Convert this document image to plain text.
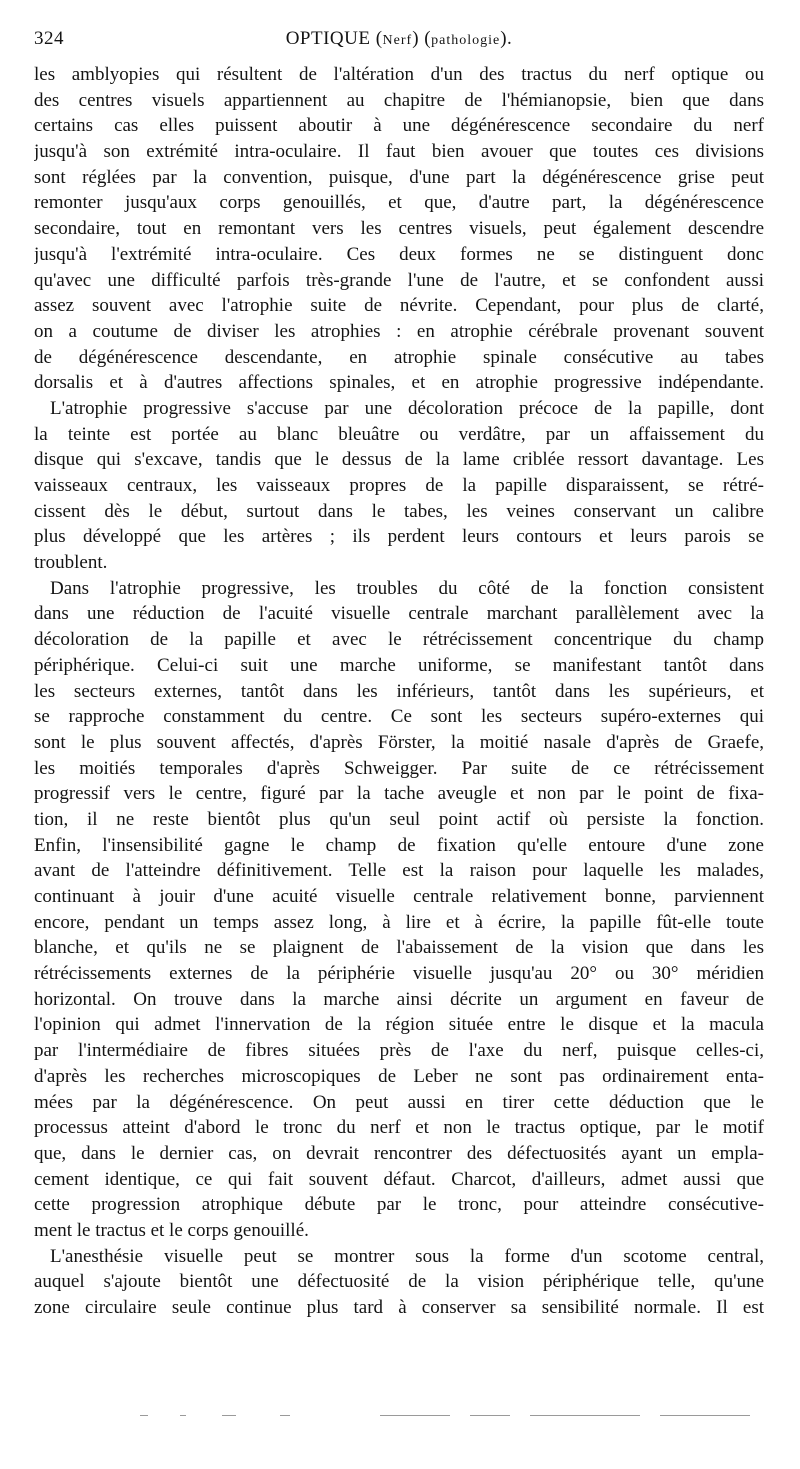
324	OPTIQUE (Nerf) (pathologie).
les amblyopies qui résultent de l'altération d'un des tractus du nerf optique ou
des centres visuels appartiennent au chapitre de l'hémianopsie, bien que dans
certains cas elles puissent aboutir à une dégénérescence secondaire du nerf
jusqu'à son extrémité intra-oculaire. Il faut bien avouer que toutes ces divisions
sont réglées par la convention, puisque, d'une part la dégénérescence grise peut
remonter jusqu'aux corps genouillés, et que, d'autre part, la dégénérescence
secondaire, tout en remontant vers les centres visuels, peut également descendre
jusqu'à l'extrémité intra-oculaire. Ces deux formes ne se distinguent donc
qu'avec une difficulté parfois très-grande l'une de l'autre, et se confondent aussi
assez souvent avec l'atrophie suite de névrite. Cependant, pour plus de clarté,
on a coutume de diviser les atrophies : en atrophie cérébrale provenant souvent
de dégénérescence descendante, en atrophie spinale consécutive au tabes
dorsalis et à d'autres affections spinales, et en atrophie progressive indépendante.
L'atrophie progressive s'accuse par une décoloration précoce de la papille, dont
la teinte est portée au blanc bleuâtre ou verdâtre, par un affaissement du
disque qui s'excave, tandis que le dessus de la lame criblée ressort davantage. Les
vaisseaux centraux, les vaisseaux propres de la papille disparaissent, se rétré-
cissent dès le début, surtout dans le tabes, les veines conservant un calibre
plus développé que les artères ; ils perdent leurs contours et leurs parois se
troublent.
Dans l'atrophie progressive, les troubles du côté de la fonction consistent
dans une réduction de l'acuité visuelle centrale marchant parallèlement avec la
décoloration de la papille et avec le rétrécissement concentrique du champ
périphérique. Celui-ci suit une marche uniforme, se manifestant tantôt dans
les secteurs externes, tantôt dans les inférieurs, tantôt dans les supérieurs, et
se rapproche constamment du centre. Ce sont les secteurs supéro-externes qui
sont le plus souvent affectés, d'après Förster, la moitié nasale d'après de Graefe,
les moitiés temporales d'après Schweigger. Par suite de ce rétrécissement
progressif vers le centre, figuré par la tache aveugle et non par le point de fixa-
tion, il ne reste bientôt plus qu'un seul point actif où persiste la fonction.
Enfin, l'insensibilité gagne le champ de fixation qu'elle entoure d'une zone
avant de l'atteindre définitivement. Telle est la raison pour laquelle les malades,
continuant à jouir d'une acuité visuelle centrale relativement bonne, parviennent
encore, pendant un temps assez long, à lire et à écrire, la papille fût-elle toute
blanche, et qu'ils ne se plaignent de l'abaissement de la vision que dans les
rétrécissements externes de la périphérie visuelle jusqu'au 20° ou 30° méridien
horizontal. On trouve dans la marche ainsi décrite un argument en faveur de
l'opinion qui admet l'innervation de la région située entre le disque et la macula
par l'intermédiaire de fibres situées près de l'axe du nerf, puisque celles-ci,
d'après les recherches microscopiques de Leber ne sont pas ordinairement enta-
mées par la dégénérescence. On peut aussi en tirer cette déduction que le
processus atteint d'abord le tronc du nerf et non le tractus optique, par le motif
que, dans le dernier cas, on devrait rencontrer des défectuosités ayant un empla-
cement identique, ce qui fait souvent défaut. Charcot, d'ailleurs, admet aussi que
cette progression atrophique débute par le tronc, pour atteindre consécutive-
ment le tractus et le corps genouillé.
L'anesthésie visuelle peut se montrer sous la forme d'un scotome central,
auquel s'ajoute bientôt une défectuosité de la vision périphérique telle, qu'une
zone circulaire seule continue plus tard à conserver sa sensibilité normale. Il est
